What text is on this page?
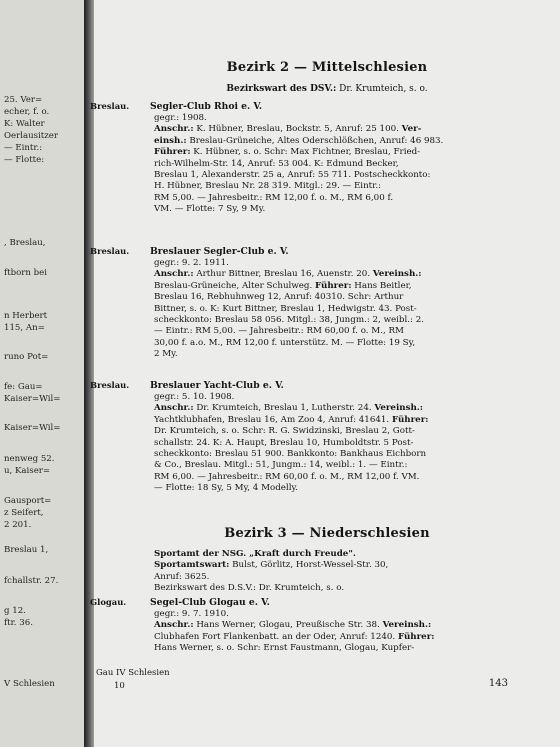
25. Ver=
echer, f. o.
K: Walter
Oerlausitzer
— Eintr.:
— Flotte:
, Breslau,
ftborn bei
n Herbert
115, An=
runo Pot=
fe: Gau=
Kaiser=Wil=
Kaiser=Wil=
nenweg 52.
u, Kaiser=
Gausport=
z Seifert,
2 201.
Breslau 1,
fchallstr. 27.
g 12.
ftr. 36.
V Schlesien
Bezirk 2 — Mittelschlesien
Bezirkswart des DSV.: Dr. Krumteich, s. o.
Breslau. Segler-Club Rhoi e. V.
gegr.: 1908.
Anschr.: K. Hübner, Breslau, Bockstr. 5, Anruf: 25 100. Ver-
einsh.: Breslau-Grüneiche, Altes Oderschlößchen, Anruf: 46 983.
Führer: K. Hübner, s. o. Schr: Max Fichtner, Breslau, Fried-
rich-Wilhelm-Str. 14, Anruf: 53 004. K: Edmund Becker,
Breslau 1, Alexanderstr. 25 a, Anruf: 55 711. Postscheckkonto:
H. Hübner, Breslau Nr. 28 319. Mitgl.: 29. — Eintr.:
RM 5,00. — Jahresbeitr.: RM 12,00 f. o. M., RM 6,00 f.
VM. — Flotte: 7 Sy, 9 My.
Breslau. Breslauer Segler-Club e. V.
gegr.: 9. 2. 1911.
Anschr.: Arthur Bittner, Breslau 16, Auenstr. 20. Vereinsh.:
Breslau-Grüneiche, Alter Schulweg. Führer: Hans Beitler,
Breslau 16, Rebhuhnweg 12, Anruf: 40310. Schr: Arthur
Bittner, s. o. K: Kurt Bittner, Breslau 1, Hedwigstr. 43. Post-
scheckkonto: Breslau 58 056. Mitgl.: 38, Jungm.: 2, weibl.: 2.
— Eintr.: RM 5,00. — Jahresbeitr.: RM 60,00 f. o. M., RM
30,00 f. a.o. M., RM 12,00 f. unterstütz. M. — Flotte: 19 Sy,
2 My.
Breslau. Breslauer Yacht-Club e. V.
gegr.: 5. 10. 1908.
Anschr.: Dr. Krumteich, Breslau 1, Lutherstr. 24. Vereinsh.:
Yachtklubhafen, Breslau 16, Am Zoo 4, Anruf: 41641. Führer:
Dr. Krumteich, s. o. Schr: R. G. Swidzinski, Breslau 2, Gott-
schallstr. 24. K: A. Haupt, Breslau 10, Humboldtstr. 5 Post-
scheckkonto: Breslau 51 900. Bankkonto: Bankhaus Eichborn
& Co., Breslau. Mitgl.: 51, Jungm.: 14, weibl.: 1. — Eintr.:
RM 6,00. — Jahresbeitr.: RM 60,00 f. o. M., RM 12,00 f. VM.
— Flotte: 18 Sy, 5 My, 4 Modelly.
Bezirk 3 — Niederschlesien
Sportamt der NSG. „Kraft durch Freude".
Sportamtswart: Bulst, Görlitz, Horst-Wessel-Str. 30,
Anruf: 3625.
Bezirkswart des D.S.V.: Dr. Krumteich, s. o.
Glogau.	Segel-Club Glogau e. V.
gegr.: 9. 7. 1910.
Anschr.: Hans Werner, Glogau, Preußische Str. 38. Vereinsh.:
Clubhafen Fort Flankenbatt. an der Oder, Anruf: 1240. Führer:
Hans Werner, s. o. Schr: Ernst Faustmann, Glogau, Kupfer-
Gau IV Schlesien
10	143
